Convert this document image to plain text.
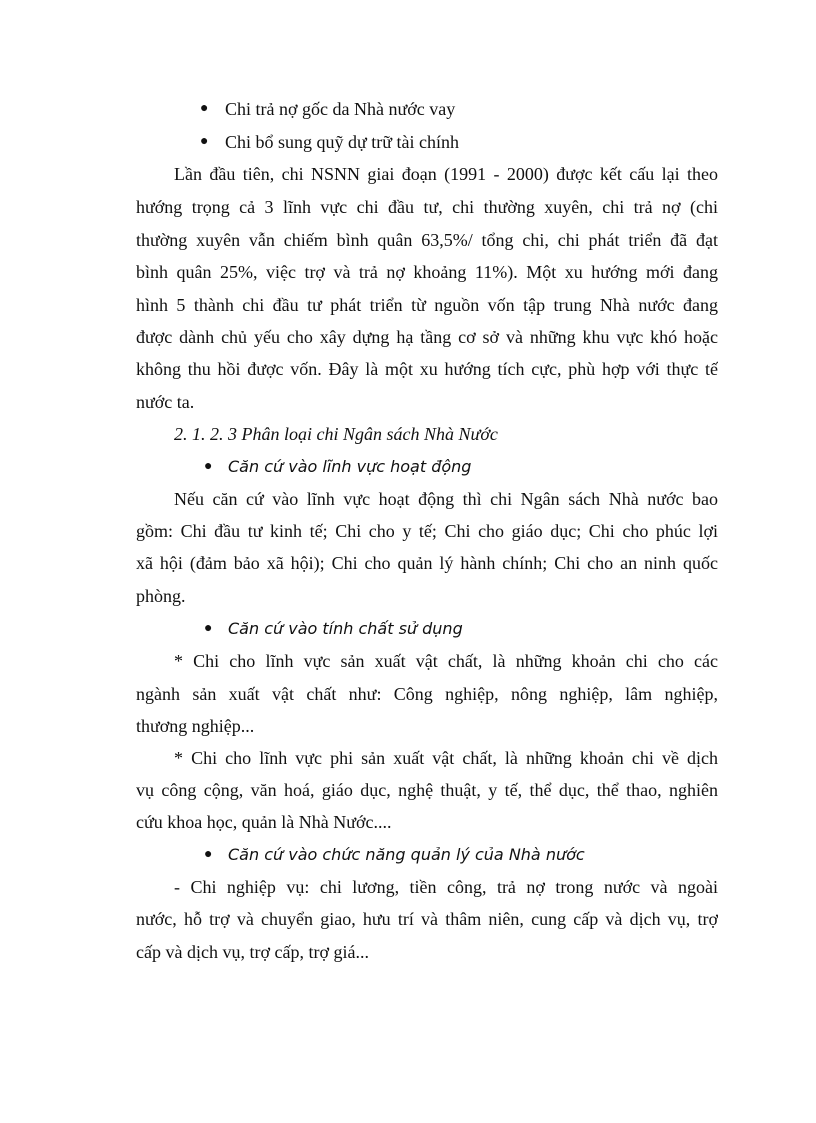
● Chi trả nợ gốc da Nhà nước vay
● Chi bổ sung quỹ dự trữ tài chính
Lần đầu tiên, chi NSNN giai đoạn (1991 - 2000) được kết cấu lại theo
hướng trọng cả 3 lĩnh vực chi đầu tư, chi thường xuyên, chi trả nợ (chi
thường xuyên vẫn chiếm bình quân 63,5%/ tổng chi, chi phát triển đã đạt
bình quân 25%, việc trợ và trả nợ khoảng 11%). Một xu hướng mới đang
hình 5 thành chi đầu tư phát triển từ nguồn vốn tập trung Nhà nước đang
được dành chủ yếu cho xây dựng hạ tầng cơ sở và những khu vực khó hoặc
không thu hồi được vốn. Đây là một xu hướng tích cực, phù hợp với thực tế
nước ta.
2. 1. 2. 3 Phân loại chi Ngân sách Nhà Nước
● Căn cứ vào lĩnh vực hoạt động
Nếu căn cứ vào lĩnh vực hoạt động thì chi Ngân sách Nhà nước bao
gồm: Chi đầu tư kinh tế; Chi cho y tế; Chi cho giáo dục; Chi cho phúc lợi
xã hội (đảm bảo xã hội); Chi cho quản lý hành chính; Chi cho an ninh quốc
phòng.
● Căn cứ vào tính chất sử dụng
* Chi cho lĩnh vực sản xuất vật chất, là những khoản chi cho các
ngành sản xuất vật chất như: Công nghiệp, nông nghiệp, lâm nghiệp,
thương nghiệp...
* Chi cho lĩnh vực phi sản xuất vật chất, là những khoản chi về dịch
vụ công cộng, văn hoá, giáo dục, nghệ thuật, y tế, thể dục, thể thao, nghiên
cứu khoa học, quản là Nhà Nước....
● Căn cứ vào chức năng quản lý của Nhà nước
- Chi nghiệp vụ: chi lương, tiền công, trả nợ trong nước và ngoài
nước, hỗ trợ và chuyển giao, hưu trí và thâm niên, cung cấp và dịch vụ, trợ
cấp và dịch vụ, trợ cấp, trợ giá...
